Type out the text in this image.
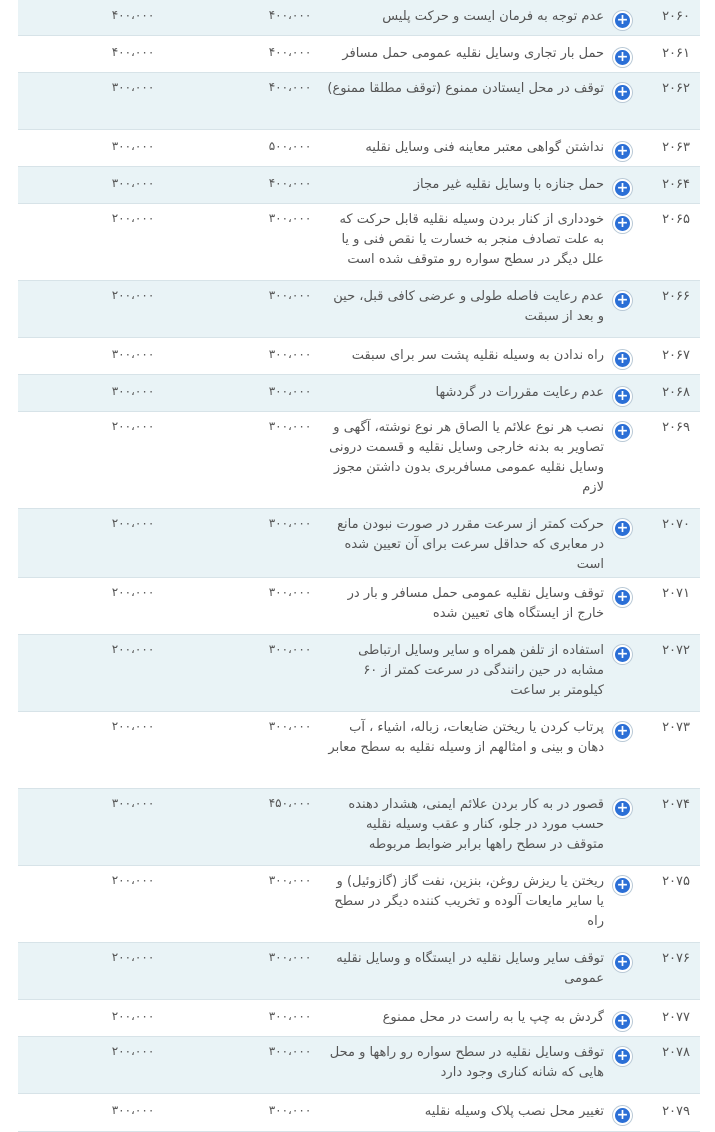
۲۰۶۰
+
عدم توجه به فرمان ایست و حرکت پلیس
۴۰۰،۰۰۰
۴۰۰،۰۰۰
۲۰۶۱
+
حمل بار تجاری وسایل نقلیه عمومی حمل مسافر
۴۰۰،۰۰۰
۴۰۰،۰۰۰
۲۰۶۲
+
توقف در محل ایستادن ممنوع (توقف مطلقا ممنوع)
۴۰۰،۰۰۰
۳۰۰،۰۰۰
۲۰۶۳
+
نداشتن گواهی معتبر معاینه فنی وسایل نقلیه
۵۰۰،۰۰۰
۳۰۰،۰۰۰
۲۰۶۴
+
حمل جنازه با وسایل نقلیه غیر مجاز
۴۰۰،۰۰۰
۳۰۰،۰۰۰
۲۰۶۵
+
خودداری از کنار بردن وسیله نقلیه قابل حرکت که به علت تصادف منجر به خسارت یا نقص فنی و یا علل دیگر در سطح سواره رو متوقف شده است
۳۰۰،۰۰۰
۲۰۰،۰۰۰
۲۰۶۶
+
عدم رعایت فاصله طولی و عرضی کافی قبل، حین و بعد از سبقت
۳۰۰،۰۰۰
۲۰۰،۰۰۰
۲۰۶۷
+
راه ندادن به وسیله نقلیه پشت سر برای سبقت
۳۰۰،۰۰۰
۳۰۰،۰۰۰
۲۰۶۸
+
عدم رعایت مقررات در گردشها
۳۰۰،۰۰۰
۳۰۰،۰۰۰
۲۰۶۹
+
نصب هر نوع علائم یا الصاق هر نوع نوشته، آگهی و تصاویر به بدنه خارجی وسایل نقلیه و قسمت درونی وسایل نقلیه عمومی مسافربری بدون داشتن مجوز لازم
۳۰۰،۰۰۰
۲۰۰،۰۰۰
۲۰۷۰
+
حرکت کمتر از سرعت مقرر در صورت نبودن مانع در معابری که حداقل سرعت برای آن تعیین شده است
۳۰۰،۰۰۰
۲۰۰،۰۰۰
۲۰۷۱
+
توقف وسایل نقلیه عمومی حمل مسافر و بار در خارج از ایستگاه های تعیین شده
۳۰۰،۰۰۰
۲۰۰،۰۰۰
۲۰۷۲
+
استفاده از تلفن همراه و سایر وسایل ارتباطی مشابه در حین رانندگی در سرعت کمتر از ۶۰ کیلومتر بر ساعت
۳۰۰،۰۰۰
۲۰۰،۰۰۰
۲۰۷۳
+
پرتاب کردن یا ریختن ضایعات، زباله، اشیاء ، آب دهان و بینی و امثالهم از وسیله نقلیه به سطح معابر
۳۰۰،۰۰۰
۲۰۰،۰۰۰
۲۰۷۴
+
قصور در به کار بردن علائم ایمنی، هشدار دهنده حسب مورد در جلو، کنار و عقب وسیله نقلیه متوقف در سطح راهها برابر ضوابط مربوطه
۴۵۰،۰۰۰
۳۰۰،۰۰۰
۲۰۷۵
+
ریختن یا ریزش روغن، بنزین، نفت گاز (گازوئیل) و یا سایر مایعات آلوده و تخریب کننده دیگر در سطح راه
۳۰۰،۰۰۰
۲۰۰،۰۰۰
۲۰۷۶
+
توقف سایر وسایل نقلیه در ایستگاه و وسایل نقلیه عمومی
۳۰۰،۰۰۰
۲۰۰،۰۰۰
۲۰۷۷
+
گردش به چپ یا به راست در محل ممنوع
۳۰۰،۰۰۰
۲۰۰،۰۰۰
۲۰۷۸
+
توقف وسایل نقلیه در سطح سواره رو راهها و محل هایی که شانه کناری وجود دارد
۳۰۰،۰۰۰
۲۰۰،۰۰۰
۲۰۷۹
+
تغییر محل نصب پلاک وسیله نقلیه
۳۰۰،۰۰۰
۳۰۰،۰۰۰
